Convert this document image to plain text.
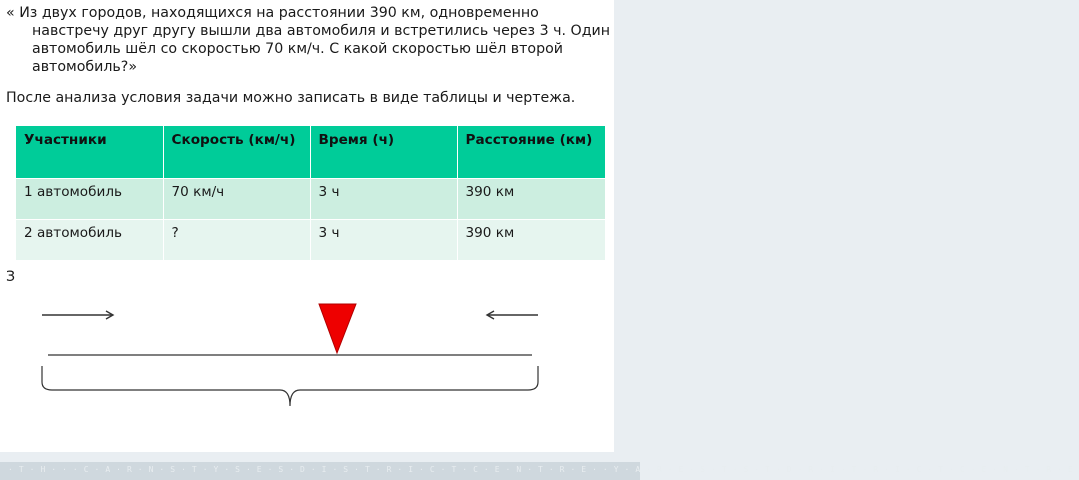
« Из двух городов, находящихся на расстоянии 390 км, одновременно навстречу друг другу вышли два автомобиля и встретились через 3 ч. Один автомобиль шёл со скоростью 70 км/ч. С какой скоростью шёл второй автомобиль?»

После анализа условия задачи можно записать в виде таблицы и чертежа.

З

Участники	Скорость (км/ч)	Время (ч)	Расстояние (км)
1 автомобиль	70 км/ч	3 ч	390 км
2 автомобиль	?	3 ч	390 км
·T·H···C·A·R·N·S·T·Y·S·E·S·D·I·S·T·R·I·C·T·C·E·N·T·R·E··Y·A·R·E·S·T·S·T·D·R·I·T·R·I·C·T·C·E·N·T·R·E
